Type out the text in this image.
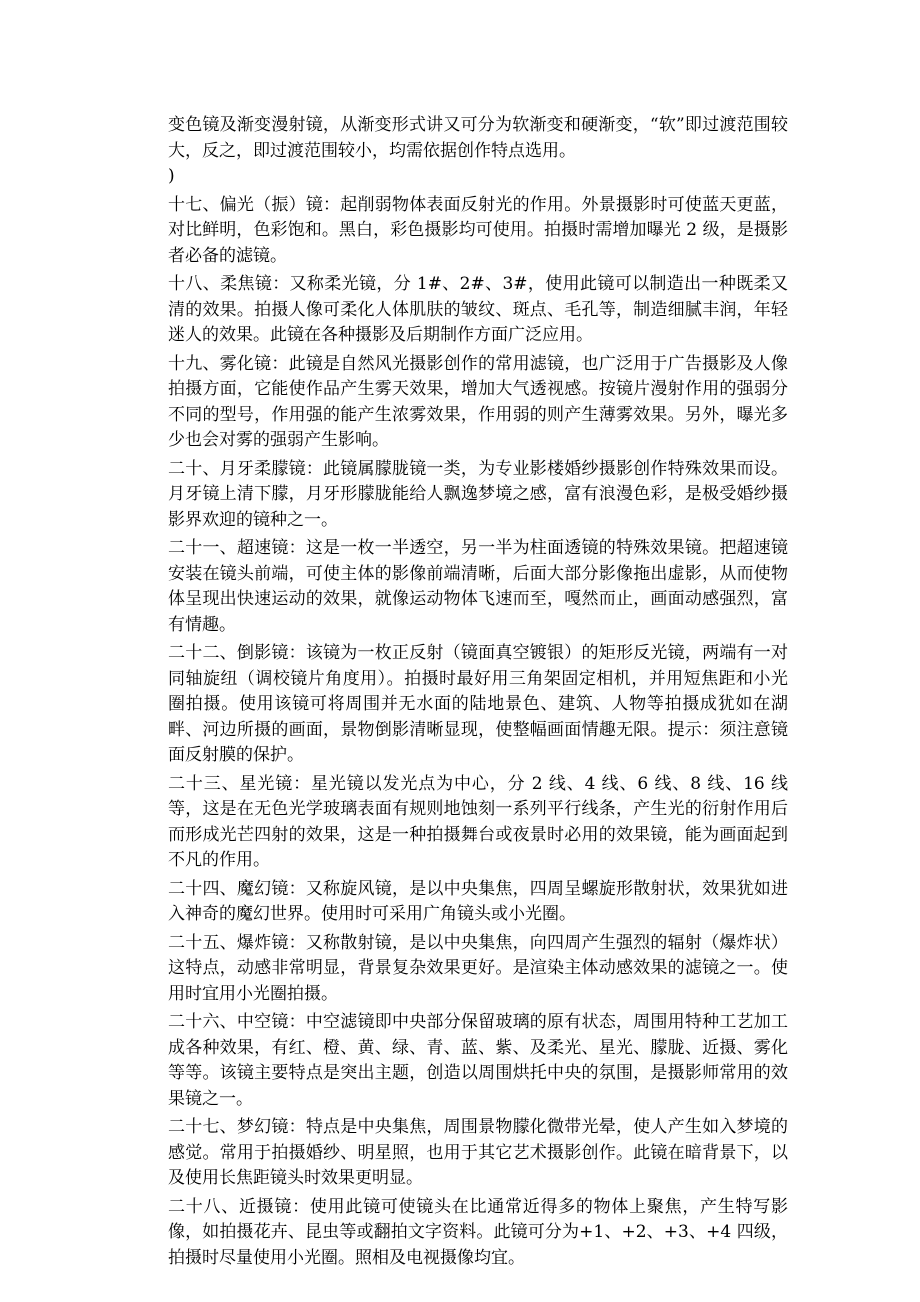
变色镜及渐变漫射镜，从渐变形式讲又可分为软渐变和硬渐变，“软”即过渡范围较大，反之，即过渡范围较小，均需依据创作特点选用。

)

十七、偏光（振）镜：起削弱物体表面反射光的作用。外景摄影时可使蓝天更蓝，对比鲜明，色彩饱和。黑白，彩色摄影均可使用。拍摄时需增加曝光 2 级，是摄影者必备的滤镜。

十八、柔焦镜：又称柔光镜，分 1#、2#、3#，使用此镜可以制造出一种既柔又清的效果。拍摄人像可柔化人体肌肤的皱纹、斑点、毛孔等，制造细腻丰润，年轻迷人的效果。此镜在各种摄影及后期制作方面广泛应用。

十九、雾化镜：此镜是自然风光摄影创作的常用滤镜，也广泛用于广告摄影及人像拍摄方面，它能使作品产生雾天效果，增加大气透视感。按镜片漫射作用的强弱分不同的型号，作用强的能产生浓雾效果，作用弱的则产生薄雾效果。另外，曝光多少也会对雾的强弱产生影响。

二十、月牙柔朦镜：此镜属朦胧镜一类，为专业影楼婚纱摄影创作特殊效果而设。月牙镜上清下朦，月牙形朦胧能给人飘逸梦境之感，富有浪漫色彩，是极受婚纱摄影界欢迎的镜种之一。

二十一、超速镜：这是一枚一半透空，另一半为柱面透镜的特殊效果镜。把超速镜安装在镜头前端，可使主体的影像前端清晰，后面大部分影像拖出虚影，从而使物体呈现出快速运动的效果，就像运动物体飞速而至，嘎然而止，画面动感强烈，富有情趣。

二十二、倒影镜：该镜为一枚正反射（镜面真空镀银）的矩形反光镜，两端有一对同轴旋纽（调校镜片角度用）。拍摄时最好用三角架固定相机，并用短焦距和小光圈拍摄。使用该镜可将周围并无水面的陆地景色、建筑、人物等拍摄成犹如在湖畔、河边所摄的画面，景物倒影清晰显现，使整幅画面情趣无限。提示：须注意镜面反射膜的保护。

二十三、星光镜：星光镜以发光点为中心，分 2 线、4 线、6 线、8 线、16 线等，这是在无色光学玻璃表面有规则地蚀刻一系列平行线条，产生光的衍射作用后而形成光芒四射的效果，这是一种拍摄舞台或夜景时必用的效果镜，能为画面起到不凡的作用。

二十四、魔幻镜：又称旋风镜，是以中央集焦，四周呈螺旋形散射状，效果犹如进入神奇的魔幻世界。使用时可采用广角镜头或小光圈。

二十五、爆炸镜：又称散射镜，是以中央集焦，向四周产生强烈的辐射（爆炸状）这特点，动感非常明显，背景复杂效果更好。是渲染主体动感效果的滤镜之一。使用时宜用小光圈拍摄。

二十六、中空镜：中空滤镜即中央部分保留玻璃的原有状态，周围用特种工艺加工成各种效果，有红、橙、黄、绿、青、蓝、紫、及柔光、星光、朦胧、近摄、雾化等等。该镜主要特点是突出主题，创造以周围烘托中央的氛围，是摄影师常用的效果镜之一。

二十七、梦幻镜：特点是中央集焦，周围景物朦化微带光晕，使人产生如入梦境的感觉。常用于拍摄婚纱、明星照，也用于其它艺术摄影创作。此镜在暗背景下，以及使用长焦距镜头时效果更明显。

二十八、近摄镜：使用此镜可使镜头在比通常近得多的物体上聚焦，产生特写影像，如拍摄花卉、昆虫等或翻拍文字资料。此镜可分为+1、+2、+3、+4 四级，拍摄时尽量使用小光圈。照相及电视摄像均宜。
